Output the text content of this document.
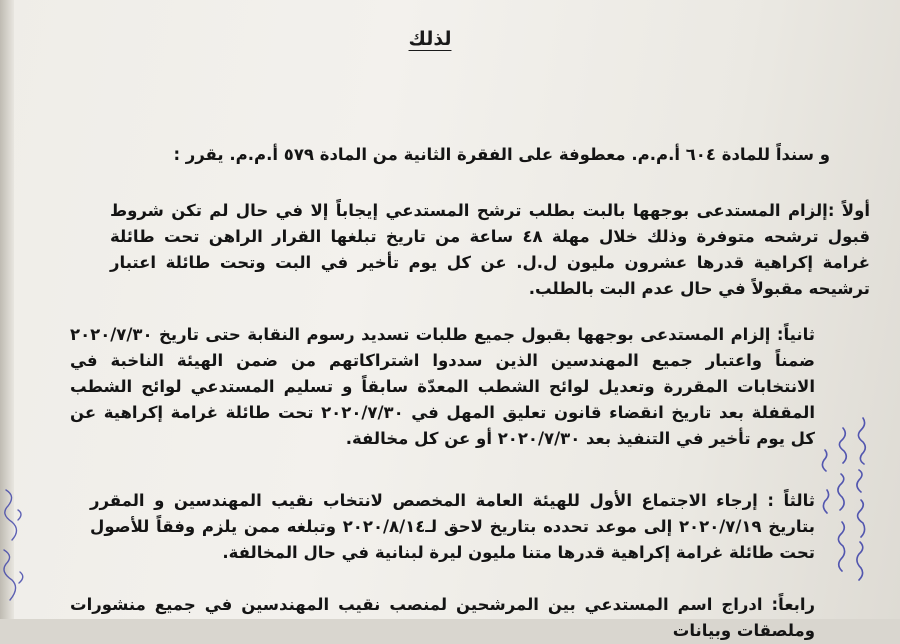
لذلك
و سنداً للمادة ٦٠٤ أ.م.م. معطوفة على الفقرة الثانية من المادة ٥٧٩ أ.م.م. يقرر :
أولاً :إلزام المستدعى بوجهها بالبت بطلب ترشح المستدعي إيجاباً إلا في حال لم تكن شروط قبول ترشحه متوفرة وذلك خلال مهلة ٤٨ ساعة من تاريخ تبلغها القرار الراهن تحت طائلة غرامة إكراهية قدرها عشرون مليون ل.ل. عن كل يوم تأخير في البت وتحت طائلة اعتبار ترشيحه مقبولاً في حال عدم البت بالطلب.
ثانياً: إلزام المستدعى بوجهها بقبول جميع طلبات تسديد رسوم النقابة حتى تاريخ ٢٠٢٠/٧/٣٠ ضمناً واعتبار جميع المهندسين الذين سددوا اشتراكاتهم من ضمن الهيئة الناخبة في الانتخابات المقررة وتعديل لوائح الشطب المعدّة سابقاً و تسليم المستدعي لوائح الشطب المقفلة بعد تاريخ انقضاء قانون تعليق المهل في ٢٠٢٠/٧/٣٠ تحت طائلة غرامة إكراهية عن كل يوم تأخير في التنفيذ بعد ٢٠٢٠/٧/٣٠ أو عن كل مخالفة.
ثالثاً : إرجاء الاجتماع الأول للهيئة العامة المخصص لانتخاب نقيب المهندسين و المقرر بتاريخ ٢٠٢٠/٧/١٩ إلى موعد تحدده بتاريخ لاحق لـ٢٠٢٠/٨/١٤ وتبلغه ممن يلزم وفقاً للأصول تحت طائلة غرامة إكراهية قدرها متنا مليون ليرة لبنانية في حال المخالفة.
رابعاً: ادراج اسم المستدعي بين المرشحين لمنصب نقيب المهندسين في جميع منشورات وملصقات وبيانات
